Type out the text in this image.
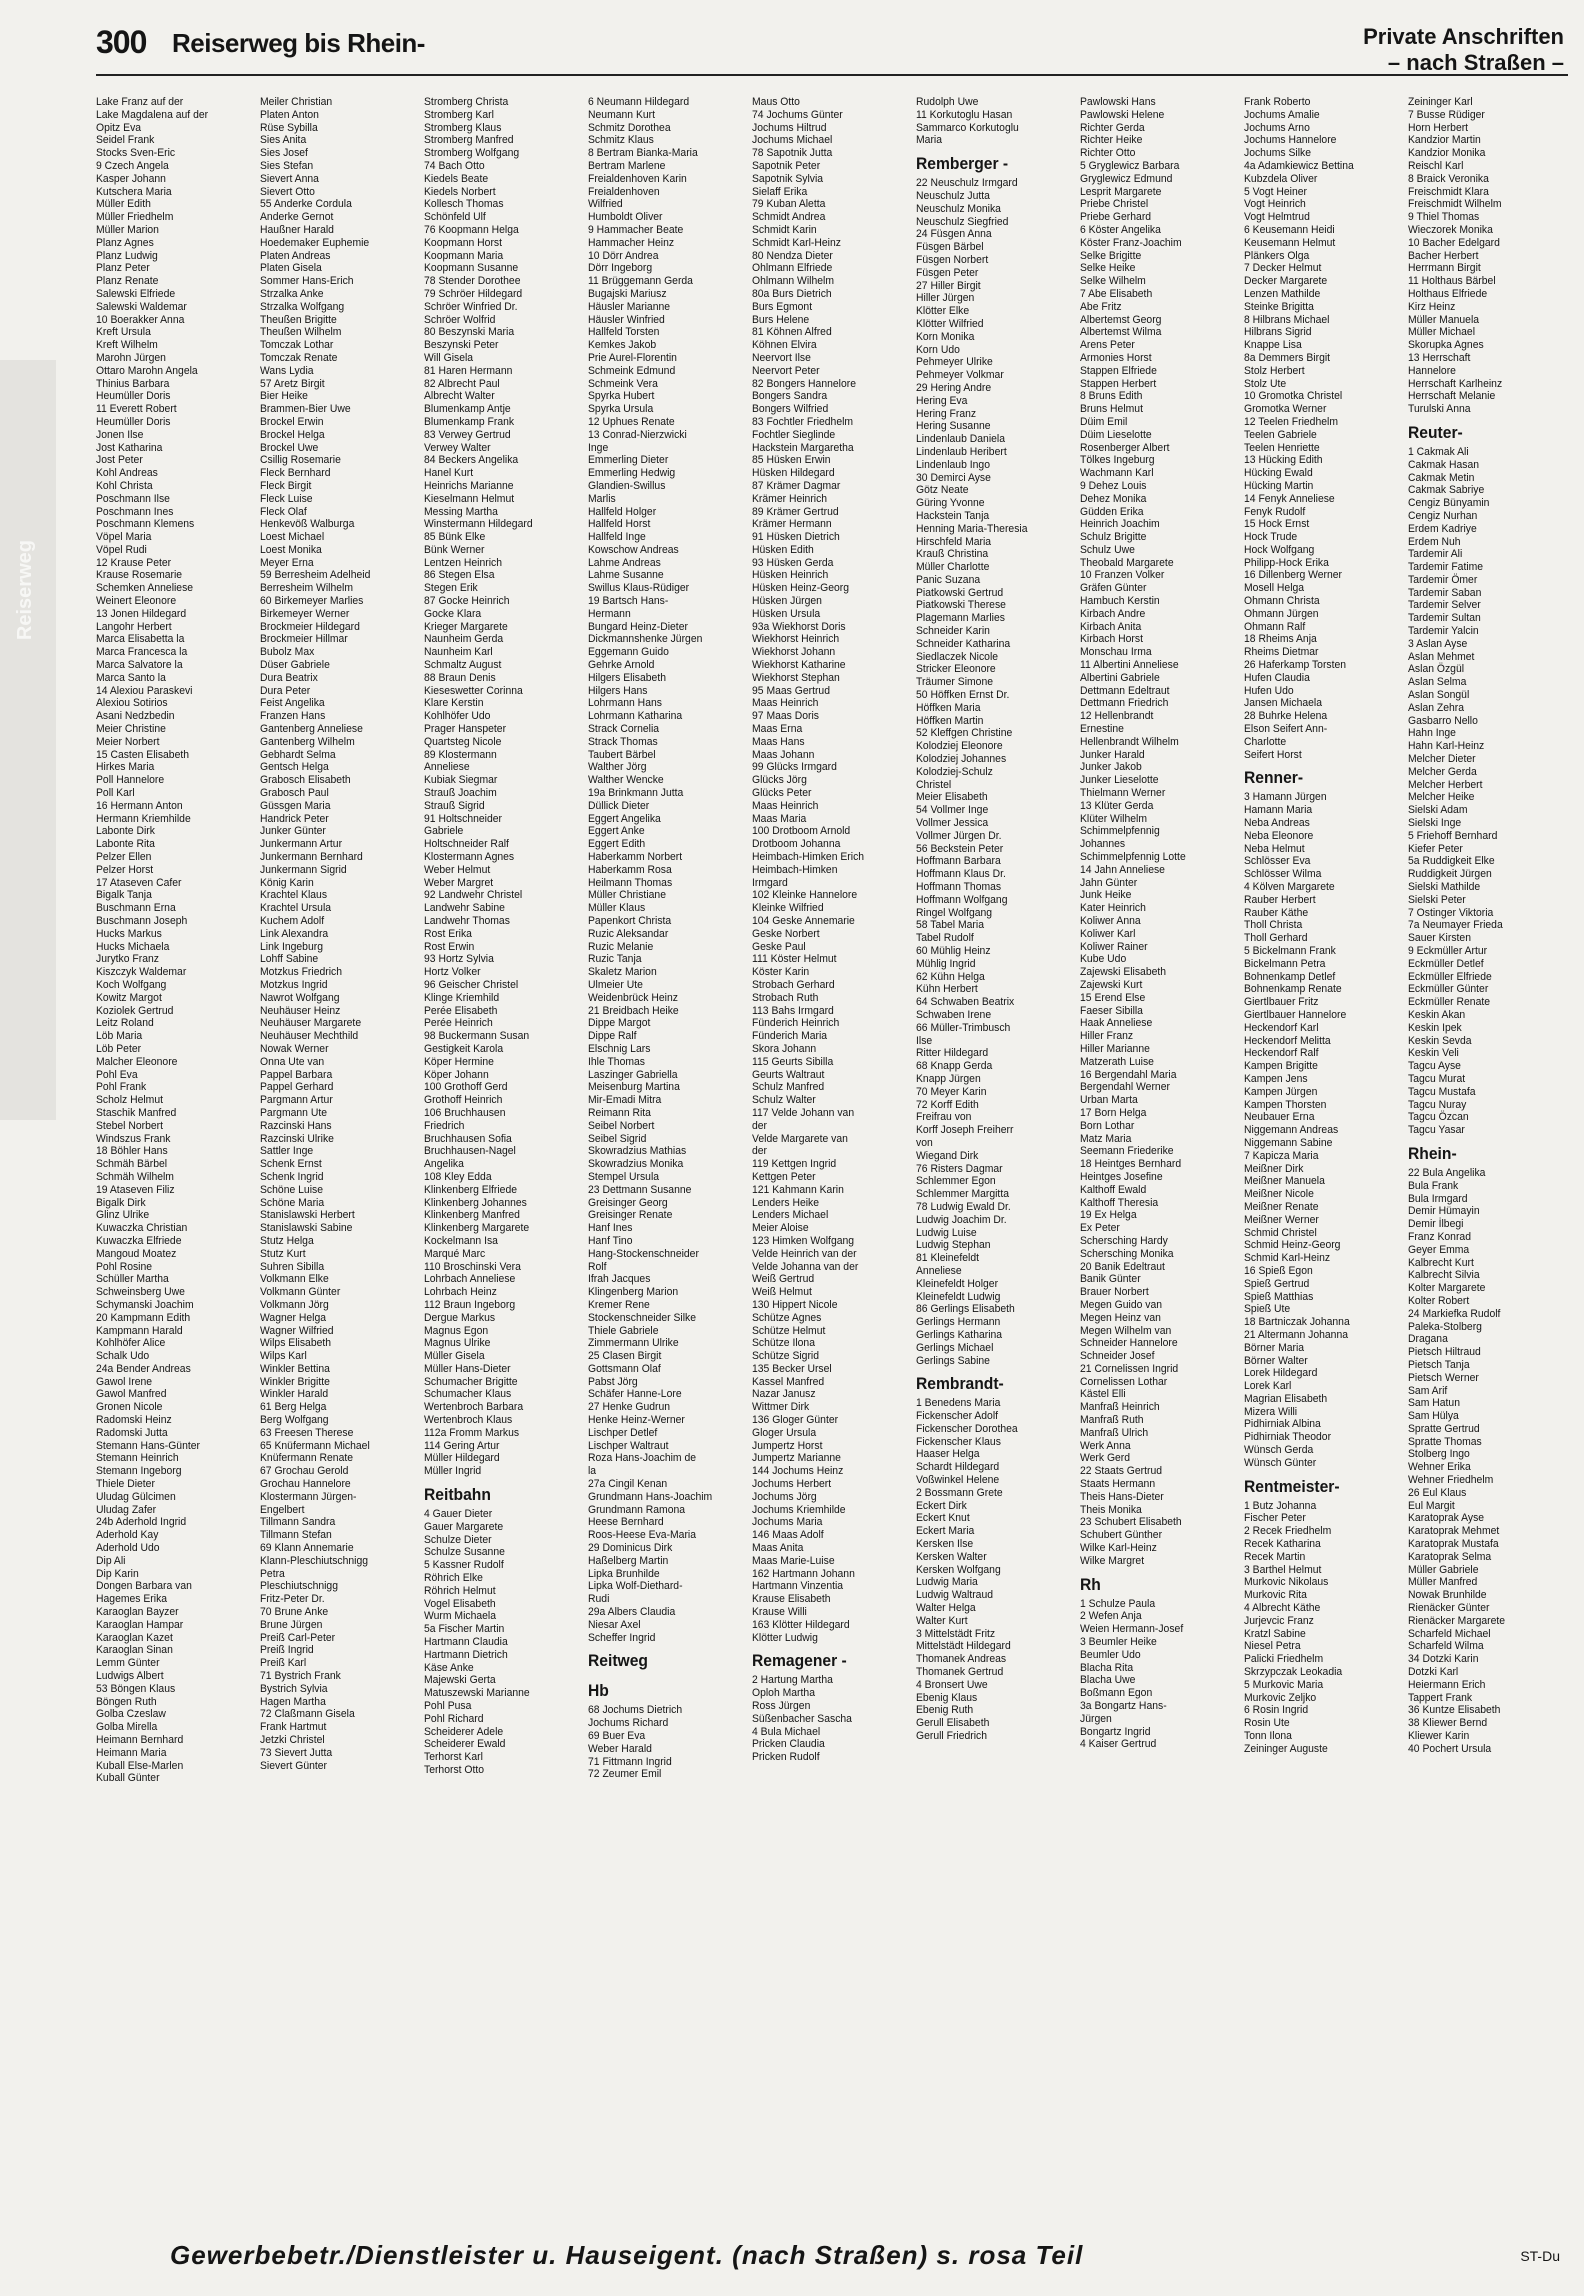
Reiserweg
300 Reiserweg bis Rhein-	Private Anschriften
– nach Straßen –
Lake Franz auf der
Lake Magdalena auf der
Opitz Eva
Seidel Frank
Stocks Sven-Eric
9 Czech Angela
Kasper Johann
Kutschera Maria
Müller Edith
Müller Friedhelm
Müller Marion
Planz Agnes
Planz Ludwig
Planz Peter
Planz Renate
Salewski Elfriede
Salewski Waldemar
10 Boerakker Anna
Kreft Ursula
Kreft Wilhelm
Marohn Jürgen
Ottaro Marohn Angela
Thinius Barbara
Heumüller Doris
11 Everett Robert
Heumüller Doris
Jonen Ilse
Jost Katharina
Jost Peter
Kohl Andreas
Kohl Christa
Poschmann Ilse
Poschmann Ines
Poschmann Klemens
Vöpel Maria
Vöpel Rudi
12 Krause Peter
Krause Rosemarie
Schemken Anneliese
Weinert Eleonore
13 Jonen Hildegard
Langohr Herbert
Marca Elisabetta la
Marca Francesca la
Marca Salvatore la
Marca Santo la
14 Alexiou Paraskevi
Alexiou Sotirios
Asani Nedzbedin
Meier Christine
Meier Norbert
15 Casten Elisabeth
Hirkes Maria
Poll Hannelore
Poll Karl
16 Hermann Anton
Hermann Kriemhilde
Labonte Dirk
Labonte Rita
Pelzer Ellen
Pelzer Horst
17 Ataseven Cafer
Bigalk Tanja
Buschmann Erna
Buschmann Joseph
Hucks Markus
Hucks Michaela
Jurytko Franz
Kiszczyk Waldemar
Koch Wolfgang
Kowitz Margot
Koziolek Gertrud
Leitz Roland
Löb Maria
Löb Peter
Malcher Eleonore
Pohl Eva
Pohl Frank
Scholz Helmut
Staschik Manfred
Stebel Norbert
Windszus Frank
18 Böhler Hans
Schmäh Bärbel
Schmäh Wilhelm
19 Ataseven Filiz
Bigalk Dirk
Glinz Ulrike
Kuwaczka Christian
Kuwaczka Elfriede
Mangoud Moatez
Pohl Rosine
Schüller Martha
Schweinsberg Uwe
Schymanski Joachim
20 Kampmann Edith
Kampmann Harald
Kohlhöfer Alice
Schalk Udo
24a Bender Andreas
Gawol Irene
Gawol Manfred
Gronen Nicole
Radomski Heinz
Radomski Jutta
Stemann Hans-Günter
Stemann Heinrich
Stemann Ingeborg
Thiele Dieter
Uludag Gülcimen
Uludag Zafer
24b Aderhold Ingrid
Aderhold Kay
Aderhold Udo
Dip Ali
Dip Karin
Dongen Barbara van
Hagemes Erika
Karaoglan Bayzer
Karaoglan Hampar
Karaoglan Kazet
Karaoglan Sinan
Lemm Günter
Ludwigs Albert
53 Böngen Klaus
Böngen Ruth
Golba Czeslaw
Golba Mirella
Heimann Bernhard
Heimann Maria
Kuball Else-Marlen
Kuball Günter
Meiler Christian
Platen Anton
Rüse Sybilla
Sies Anita
Sies Josef
Sies Stefan
Sievert Anna
Sievert Otto
55 Anderke Cordula
Anderke Gernot
Haußner Harald
Hoedemaker Euphemie
Platen Andreas
Platen Gisela
Sommer Hans-Erich
Strzalka Anke
Strzalka Wolfgang
Theußen Brigitte
Theußen Wilhelm
Tomczak Lothar
Tomczak Renate
Wans Lydia
57 Aretz Birgit
Bier Heike
Brammen-Bier Uwe
Brockel Erwin
Brockel Helga
Brockel Uwe
Csillig Rosemarie
Fleck Bernhard
Fleck Birgit
Fleck Luise
Fleck Olaf
Henkevöß Walburga
Loest Michael
Loest Monika
Meyer Erna
59 Berresheim Adelheid
Berresheim Wilhelm
60 Birkemeyer Marlies
Birkemeyer Werner
Brockmeier Hildegard
Brockmeier Hillmar
Bubolz Max
Düser Gabriele
Dura Beatrix
Dura Peter
Feist Angelika
Franzen Hans
Gantenberg Anneliese
Gantenberg Wilhelm
Gebhardt Selma
Gentsch Helga
Grabosch Elisabeth
Grabosch Paul
Güssgen Maria
Handrick Peter
Junker Günter
Junkermann Artur
Junkermann Bernhard
Junkermann Sigrid
König Karin
Krachtel Klaus
Krachtel Ursula
Kuchem Adolf
Link Alexandra
Link Ingeburg
Lohff Sabine
Motzkus Friedrich
Motzkus Ingrid
Nawrot Wolfgang
Neuhäuser Heinz
Neuhäuser Margarete
Neuhäuser Mechthild
Nowak Werner
Onna Ute van
Pappel Barbara
Pappel Gerhard
Pargmann Artur
Pargmann Ute
Razcinski Hans
Razcinski Ulrike
Sattler Inge
Schenk Ernst
Schenk Ingrid
Schöne Luise
Schöne Maria
Stanislawski Herbert
Stanislawski Sabine
Stutz Helga
Stutz Kurt
Suhren Sibilla
Volkmann Elke
Volkmann Günter
Volkmann Jörg
Wagner Helga
Wagner Wilfried
Wilps Elisabeth
Wilps Karl
Winkler Bettina
Winkler Brigitte
Winkler Harald
61 Berg Helga
Berg Wolfgang
63 Freesen Therese
65 Knüfermann Michael
Knüfermann Renate
67 Grochau Gerold
Grochau Hannelore
Klostermann Jürgen-
Engelbert
Tillmann Sandra
Tillmann Stefan
69 Klann Annemarie
Klann-Pleschiutschnigg
Petra
Pleschiutschnigg
Fritz-Peter Dr.
70 Brune Anke
Brune Jürgen
Preiß Carl-Peter
Preiß Ingrid
Preiß Karl
71 Bystrich Frank
Bystrich Sylvia
Hagen Martha
72 Claßmann Gisela
Frank Hartmut
Jetzki Christel
73 Sievert Jutta
Sievert Günter
Stromberg Christa
Stromberg Karl
Stromberg Klaus
Stromberg Manfred
Stromberg Wolfgang
74 Bach Otto
Kiedels Beate
Kiedels Norbert
Kollesch Thomas
Schönfeld Ulf
76 Koopmann Helga
Koopmann Horst
Koopmann Maria
Koopmann Susanne
78 Stender Dorothee
79 Schröer Hildegard
Schröer Winfried Dr.
Schröer Wolfrid
80 Beszynski Maria
Beszynski Peter
Will Gisela
81 Haren Hermann
82 Albrecht Paul
Albrecht Walter
Blumenkamp Antje
Blumenkamp Frank
83 Verwey Gertrud
Verwey Walter
84 Beckers Angelika
Hanel Kurt
Heinrichs Marianne
Kieselmann Helmut
Messing Martha
Winstermann Hildegard
85 Bünk Elke
Bünk Werner
Lentzen Heinrich
86 Stegen Elsa
Stegen Erik
87 Gocke Heinrich
Gocke Klara
Krieger Margarete
Naunheim Gerda
Naunheim Karl
Schmaltz August
88 Braun Denis
Kieseswetter Corinna
Klare Kerstin
Kohlhöfer Udo
Prager Hanspeter
Quartsteg Nicole
89 Klostermann
Anneliese
Kubiak Siegmar
Strauß Joachim
Strauß Sigrid
91 Holtschneider
Gabriele
Holtschneider Ralf
Klostermann Agnes
Weber Helmut
Weber Margret
92 Landwehr Christel
Landwehr Sabine
Landwehr Thomas
Rost Erika
Rost Erwin
93 Hortz Sylvia
Hortz Volker
96 Geischer Christel
Klinge Kriemhild
Perée Elisabeth
Perée Heinrich
98 Buckermann Susan
Gestigkeit Karola
Köper Hermine
Köper Johann
100 Grothoff Gerd
Grothoff Heinrich
106 Bruchhausen
Friedrich
Bruchhausen Sofia
Bruchhausen-Nagel
Angelika
108 Kley Edda
Klinkenberg Elfriede
Klinkenberg Johannes
Klinkenberg Manfred
Klinkenberg Margarete
Kockelmann Isa
Marqué Marc
110 Broschinski Vera
Lohrbach Anneliese
Lohrbach Heinz
112 Braun Ingeborg
Dergue Markus
Magnus Egon
Magnus Ulrike
Müller Gisela
Müller Hans-Dieter
Schumacher Brigitte
Schumacher Klaus
Wertenbroch Barbara
Wertenbroch Klaus
112a Fromm Markus
114 Gering Artur
Müller Hildegard
Müller Ingrid
Reitbahn
4 Gauer Dieter
Gauer Margarete
Schulze Dieter
Schulze Susanne
5 Kassner Rudolf
Röhrich Elke
Röhrich Helmut
Vogel Elisabeth
Wurm Michaela
5a Fischer Martin
Hartmann Claudia
Hartmann Dietrich
Käse Anke
Majewski Gerta
Matuszewski Marianne
Pohl Pusa
Pohl Richard
Scheiderer Adele
Scheiderer Ewald
Terhorst Karl
Terhorst Otto
6 Neumann Hildegard
Neumann Kurt
Schmitz Dorothea
Schmitz Klaus
8 Bertram Bianka-Maria
Bertram Marlene
Freialdenhoven Karin
Freialdenhoven
Wilfried
Humboldt Oliver
9 Hammacher Beate
Hammacher Heinz
10 Dörr Andrea
Dörr Ingeborg
11 Brüggemann Gerda
Bugajski Mariusz
Häusler Marianne
Häusler Winfried
Hallfeld Torsten
Kemkes Jakob
Prie Aurel-Florentin
Schmeink Edmund
Schmeink Vera
Spyrka Hubert
Spyrka Ursula
12 Uphues Renate
13 Conrad-Nierzwicki
Inge
Emmerling Dieter
Emmerling Hedwig
Glandien-Swillus
Marlis
Hallfeld Holger
Hallfeld Horst
Hallfeld Inge
Kowschow Andreas
Lahme Andreas
Lahme Susanne
Swillus Klaus-Rüdiger
19 Bartsch Hans-
Hermann
Bungard Heinz-Dieter
Dickmannshenke Jürgen
Eggemann Guido
Gehrke Arnold
Hilgers Elisabeth
Hilgers Hans
Lohrmann Hans
Lohrmann Katharina
Strack Cornelia
Strack Thomas
Taubert Bärbel
Walther Jörg
Walther Wencke
19a Brinkmann Jutta
Düllick Dieter
Eggert Angelika
Eggert Anke
Eggert Edith
Haberkamm Norbert
Haberkamm Rosa
Heilmann Thomas
Müller Christiane
Müller Klaus
Papenkort Christa
Ruzic Aleksandar
Ruzic Melanie
Ruzic Tanja
Skaletz Marion
Ulmeier Ute
Weidenbrück Heinz
21 Breidbach Heike
Dippe Margot
Dippe Ralf
Elschnig Lars
Ihle Thomas
Laszinger Gabriella
Meisenburg Martina
Mir-Emadi Mitra
Reimann Rita
Seibel Norbert
Seibel Sigrid
Skowradzius Mathias
Skowradzius Monika
Stempel Ursula
23 Dettmann Susanne
Greisinger Georg
Greisinger Renate
Hanf Ines
Hanf Tino
Hang-Stockenschneider
Rolf
Ifrah Jacques
Klingenberg Marion
Kremer Rene
Stockenschneider Silke
Thiele Gabriele
Zimmermann Ulrike
25 Clasen Birgit
Gottsmann Olaf
Pabst Jörg
Schäfer Hanne-Lore
27 Henke Gudrun
Henke Heinz-Werner
Lischper Detlef
Lischper Waltraut
Roza Hans-Joachim de
la
27a Cingil Kenan
Grundmann Hans-Joachim
Grundmann Ramona
Heese Bernhard
Roos-Heese Eva-Maria
29 Dominicus Dirk
Haßelberg Martin
Lipka Brunhilde
Lipka Wolf-Diethard-
Rudi
29a Albers Claudia
Niesar Axel
Scheffer Ingrid
Reitweg
Hb
68 Jochums Dietrich
Jochums Richard
69 Buer Eva
Weber Harald
71 Fittmann Ingrid
72 Zeumer Emil
Maus Otto
74 Jochums Günter
Jochums Hiltrud
Jochums Michael
78 Sapotnik Jutta
Sapotnik Peter
Sapotnik Sylvia
Sielaff Erika
79 Kuban Aletta
Schmidt Andrea
Schmidt Karin
Schmidt Karl-Heinz
80 Nendza Dieter
Ohlmann Elfriede
Ohlmann Wilhelm
80a Burs Dietrich
Burs Egmont
Burs Helene
81 Köhnen Alfred
Köhnen Elvira
Neervort Ilse
Neervort Peter
82 Bongers Hannelore
Bongers Sandra
Bongers Wilfried
83 Fochtler Friedhelm
Fochtler Sieglinde
Hackstein Margaretha
85 Hüsken Erwin
Hüsken Hildegard
87 Krämer Dagmar
Krämer Heinrich
89 Krämer Gertrud
Krämer Hermann
91 Hüsken Dietrich
Hüsken Edith
93 Hüsken Gerda
Hüsken Heinrich
Hüsken Heinz-Georg
Hüsken Jürgen
Hüsken Ursula
93a Wiekhorst Doris
Wiekhorst Heinrich
Wiekhorst Johann
Wiekhorst Katharine
Wiekhorst Stephan
95 Maas Gertrud
Maas Heinrich
97 Maas Doris
Maas Erna
Maas Hans
Maas Johann
99 Glücks Irmgard
Glücks Jörg
Glücks Peter
Maas Heinrich
Maas Maria
100 Drotboom Arnold
Drotboom Johanna
Heimbach-Himken Erich
Heimbach-Himken
Irmgard
102 Kleinke Hannelore
Kleinke Wilfried
104 Geske Annemarie
Geske Norbert
Geske Paul
111 Köster Helmut
Köster Karin
Strobach Gerhard
Strobach Ruth
113 Bahs Irmgard
Fünderich Heinrich
Fünderich Maria
Skora Johann
115 Geurts Sibilla
Geurts Waltraut
Schulz Manfred
Schulz Walter
117 Velde Johann van
der
Velde Margarete van
der
119 Kettgen Ingrid
Kettgen Peter
121 Kahmann Karin
Lenders Heike
Lenders Michael
Meier Aloise
123 Himken Wolfgang
Velde Heinrich van der
Velde Johanna van der
Weiß Gertrud
Weiß Helmut
130 Hippert Nicole
Schütze Agnes
Schütze Helmut
Schütze Ilona
Schütze Sigrid
135 Becker Ursel
Kassel Manfred
Nazar Janusz
Wittmer Dirk
136 Gloger Günter
Gloger Ursula
Jumpertz Horst
Jumpertz Marianne
144 Jochums Heinz
Jochums Herbert
Jochums Jörg
Jochums Kriemhilde
Jochums Maria
146 Maas Adolf
Maas Anita
Maas Marie-Luise
162 Hartmann Johann
Hartmann Vinzentia
Krause Elisabeth
Krause Willi
163 Klötter Hildegard
Klötter Ludwig
Remagener -
2 Hartung Martha
Oploh Martha
Ross Jürgen
Süßenbacher Sascha
4 Bula Michael
Pricken Claudia
Pricken Rudolf
Rudolph Uwe
11 Korkutoglu Hasan
Sammarco Korkutoglu
Maria
Remberger -
22 Neuschulz Irmgard
Neuschulz Jutta
Neuschulz Monika
Neuschulz Siegfried
24 Füsgen Anna
Füsgen Bärbel
Füsgen Norbert
Füsgen Peter
27 Hiller Birgit
Hiller Jürgen
Klötter Elke
Klötter Wilfried
Korn Monika
Korn Udo
Pehmeyer Ulrike
Pehmeyer Volkmar
29 Hering Andre
Hering Eva
Hering Franz
Hering Susanne
Lindenlaub Daniela
Lindenlaub Heribert
Lindenlaub Ingo
30 Demirci Ayse
Götz Neate
Güring Yvonne
Hackstein Tanja
Henning Maria-Theresia
Hirschfeld Maria
Krauß Christina
Müller Charlotte
Panic Suzana
Piatkowski Gertrud
Piatkowski Therese
Plagemann Marlies
Schneider Karin
Schneider Katharina
Siedlaczek Nicole
Stricker Eleonore
Träumer Simone
50 Höffken Ernst Dr.
Höffken Maria
Höffken Martin
52 Kleffgen Christine
Kolodziej Eleonore
Kolodziej Johannes
Kolodziej-Schulz
Christel
Meier Elisabeth
54 Vollmer Inge
Vollmer Jessica
Vollmer Jürgen Dr.
56 Beckstein Peter
Hoffmann Barbara
Hoffmann Klaus Dr.
Hoffmann Thomas
Hoffmann Wolfgang
Ringel Wolfgang
58 Tabel Maria
Tabel Rudolf
60 Mühlig Heinz
Mühlig Ingrid
62 Kühn Helga
Kühn Herbert
64 Schwaben Beatrix
Schwaben Irene
66 Müller-Trimbusch
Ilse
Ritter Hildegard
68 Knapp Gerda
Knapp Jürgen
70 Meyer Karin
72 Korff Edith
Freifrau von
Korff Joseph Freiherr
von
Wiegand Dirk
76 Risters Dagmar
Schlemmer Egon
Schlemmer Margitta
78 Ludwig Ewald Dr.
Ludwig Joachim Dr.
Ludwig Luise
Ludwig Stephan
81 Kleinefeldt
Anneliese
Kleinefeldt Holger
Kleinefeldt Ludwig
86 Gerlings Elisabeth
Gerlings Hermann
Gerlings Katharina
Gerlings Michael
Gerlings Sabine
Rembrandt-
1 Benedens Maria
Fickenscher Adolf
Fickenscher Dorothea
Fickenscher Klaus
Haaser Helga
Schardt Hildegard
Voßwinkel Helene
2 Bossmann Grete
Eckert Dirk
Eckert Knut
Eckert Maria
Kersken Ilse
Kersken Walter
Kersken Wolfgang
Ludwig Maria
Ludwig Waltraud
Walter Helga
Walter Kurt
3 Mittelstädt Fritz
Mittelstädt Hildegard
Thomanek Andreas
Thomanek Gertrud
4 Bronsert Uwe
Ebenig Klaus
Ebenig Ruth
Gerull Elisabeth
Gerull Friedrich
Pawlowski Hans
Pawlowski Helene
Richter Gerda
Richter Heike
Richter Otto
5 Gryglewicz Barbara
Gryglewicz Edmund
Lesprit Margarete
Priebe Christel
Priebe Gerhard
6 Köster Angelika
Köster Franz-Joachim
Selke Brigitte
Selke Heike
Selke Wilhelm
7 Abe Elisabeth
Abe Fritz
Albertemst Georg
Albertemst Wilma
Arens Peter
Armonies Horst
Stappen Elfriede
Stappen Herbert
8 Bruns Edith
Bruns Helmut
Düim Emil
Düim Lieselotte
Rosenberger Albert
Tölkes Ingeburg
Wachmann Karl
9 Dehez Louis
Dehez Monika
Güdden Erika
Heinrich Joachim
Schulz Brigitte
Schulz Uwe
Theobald Margarete
10 Franzen Volker
Gräfen Günter
Hambuch Kerstin
Kirbach Andre
Kirbach Anita
Kirbach Horst
Monschau Irma
11 Albertini Anneliese
Albertini Gabriele
Dettmann Edeltraut
Dettmann Friedrich
12 Hellenbrandt
Ernestine
Hellenbrandt Wilhelm
Junker Harald
Junker Jakob
Junker Lieselotte
Thielmann Werner
13 Klüter Gerda
Klüter Wilhelm
Schimmelpfennig
Johannes
Schimmelpfennig Lotte
14 Jahn Anneliese
Jahn Günter
Junk Heike
Kater Heinrich
Koliwer Anna
Koliwer Karl
Koliwer Rainer
Kube Udo
Zajewski Elisabeth
Zajewski Kurt
15 Erend Else
Faeser Sibilla
Haak Anneliese
Hiller Franz
Hiller Marianne
Matzerath Luise
16 Bergendahl Maria
Bergendahl Werner
Urban Marta
17 Born Helga
Born Lothar
Matz Maria
Seemann Friederike
18 Heintges Bernhard
Heintges Josefine
Kalthoff Ewald
Kalthoff Theresia
19 Ex Helga
Ex Peter
Schersching Hardy
Schersching Monika
20 Banik Edeltraut
Banik Günter
Brauer Norbert
Megen Guido van
Megen Heinz van
Megen Wilhelm van
Schneider Hannelore
Schneider Josef
21 Cornelissen Ingrid
Cornelissen Lothar
Kästel Elli
Manfraß Heinrich
Manfraß Ruth
Manfraß Ulrich
Werk Anna
Werk Gerd
22 Staats Gertrud
Staats Hermann
Theis Hans-Dieter
Theis Monika
23 Schubert Elisabeth
Schubert Günther
Wilke Karl-Heinz
Wilke Margret
Rh
1 Schulze Paula
2 Wefen Anja
Weien Hermann-Josef
3 Beumler Heike
Beumler Udo
Blacha Rita
Blacha Uwe
Boßmann Egon
3a Bongartz Hans-
Jürgen
Bongartz Ingrid
4 Kaiser Gertrud
Frank Roberto
Jochums Amalie
Jochums Arno
Jochums Hannelore
Jochums Silke
4a Adamkiewicz Bettina
Kubzdela Oliver
5 Vogt Heiner
Vogt Heinrich
Vogt Helmtrud
6 Keusemann Heidi
Keusemann Helmut
Plänkers Olga
7 Decker Helmut
Decker Margarete
Lenzen Mathilde
Steinke Brigitta
8 Hilbrans Michael
Hilbrans Sigrid
Knappe Lisa
8a Demmers Birgit
Stolz Herbert
Stolz Ute
10 Gromotka Christel
Gromotka Werner
12 Teelen Friedhelm
Teelen Gabriele
Teelen Henriette
13 Hücking Edith
Hücking Ewald
Hücking Martin
14 Fenyk Anneliese
Fenyk Rudolf
15 Hock Ernst
Hock Trude
Hock Wolfgang
Philipp-Hock Erika
16 Dillenberg Werner
Mosell Helga
Ohmann Christa
Ohmann Jürgen
Ohmann Ralf
18 Rheims Anja
Rheims Dietmar
26 Haferkamp Torsten
Hufen Claudia
Hufen Udo
Jansen Michaela
28 Buhrke Helena
Elson Seifert Ann-
Charlotte
Seifert Horst
Renner-
3 Hamann Jürgen
Hamann Maria
Neba Andreas
Neba Eleonore
Neba Helmut
Schlösser Eva
Schlösser Wilma
4 Kölven Margarete
Rauber Herbert
Rauber Käthe
Tholl Christa
Tholl Gerhard
5 Bickelmann Frank
Bickelmann Petra
Bohnenkamp Detlef
Bohnenkamp Renate
Giertlbauer Fritz
Giertlbauer Hannelore
Heckendorf Karl
Heckendorf Melitta
Heckendorf Ralf
Kampen Brigitte
Kampen Jens
Kampen Jürgen
Kampen Thorsten
Neubauer Erna
Niggemann Andreas
Niggemann Sabine
7 Kapicza Maria
Meißner Dirk
Meißner Manuela
Meißner Nicole
Meißner Renate
Meißner Werner
Schmid Christel
Schmid Heinz-Georg
Schmid Karl-Heinz
16 Spieß Egon
Spieß Gertrud
Spieß Matthias
Spieß Ute
18 Bartniczak Johanna
21 Altermann Johanna
Börner Maria
Börner Walter
Lorek Hildegard
Lorek Karl
Magrian Elisabeth
Mizera Willi
Pidhirniak Albina
Pidhirniak Theodor
Wünsch Gerda
Wünsch Günter
Rentmeister-
1 Butz Johanna
Fischer Peter
2 Recek Friedhelm
Recek Katharina
Recek Martin
3 Barthel Helmut
Murkovic Nikolaus
Murkovic Rita
4 Albrecht Käthe
Jurjevcic Franz
Kratzl Sabine
Niesel Petra
Palicki Friedhelm
Skrzypczak Leokadia
5 Murkovic Maria
Murkovic Zeljko
6 Rosin Ingrid
Rosin Ute
Tonn Ilona
Zeininger Auguste
Zeininger Karl
7 Busse Rüdiger
Horn Herbert
Kandzior Martin
Kandzior Monika
Reischl Karl
8 Braick Veronika
Freischmidt Klara
Freischmidt Wilhelm
9 Thiel Thomas
Wieczorek Monika
10 Bacher Edelgard
Bacher Herbert
Herrmann Birgit
11 Holthaus Bärbel
Holthaus Elfriede
Kirz Heinz
Müller Manuela
Müller Michael
Skorupka Agnes
13 Herrschaft
Hannelore
Herrschaft Karlheinz
Herrschaft Melanie
Turulski Anna
Reuter-
1 Cakmak Ali
Cakmak Hasan
Cakmak Metin
Cakmak Sabriye
Cengiz Bünyamin
Cengiz Nurhan
Erdem Kadriye
Erdem Nuh
Tardemir Ali
Tardemir Fatime
Tardemir Ömer
Tardemir Saban
Tardemir Selver
Tardemir Sultan
Tardemir Yalcin
3 Aslan Ayse
Aslan Mehmet
Aslan Özgül
Aslan Selma
Aslan Songül
Aslan Zehra
Gasbarro Nello
Hahn Inge
Hahn Karl-Heinz
Melcher Dieter
Melcher Gerda
Melcher Herbert
Melcher Heike
Sielski Adam
Sielski Inge
5 Friehoff Bernhard
Kiefer Peter
5a Ruddigkeit Elke
Ruddigkeit Jürgen
Sielski Mathilde
Sielski Peter
7 Ostinger Viktoria
7a Neumayer Frieda
Sauer Kirsten
9 Eckmüller Artur
Eckmüller Detlef
Eckmüller Elfriede
Eckmüller Günter
Eckmüller Renate
Keskin Akan
Keskin Ipek
Keskin Sevda
Keskin Veli
Tagcu Ayse
Tagcu Murat
Tagcu Mustafa
Tagcu Nuray
Tagcu Özcan
Tagcu Yasar
Rhein-
22 Bula Angelika
Bula Frank
Bula Irmgard
Demir Hümayin
Demir İlbegi
Franz Konrad
Geyer Emma
Kalbrecht Kurt
Kalbrecht Silvia
Kolter Margarete
Kolter Robert
24 Markiefka Rudolf
Paleka-Stolberg
Dragana
Pietsch Hiltraud
Pietsch Tanja
Pietsch Werner
Sam Arif
Sam Hatun
Sam Hülya
Spratte Gertrud
Spratte Thomas
Stolberg Ingo
Wehner Erika
Wehner Friedhelm
26 Eul Klaus
Eul Margit
Karatoprak Ayse
Karatoprak Mehmet
Karatoprak Mustafa
Karatoprak Selma
Müller Gabriele
Müller Manfred
Nowak Brunhilde
Rienäcker Günter
Rienäcker Margarete
Scharfeld Michael
Scharfeld Wilma
34 Dotzki Karin
Dotzki Karl
Heiermann Erich
Tappert Frank
36 Kuntze Elisabeth
38 Kliewer Bernd
Kliewer Karin
40 Pochert Ursula
Gewerbebetr./Dienstleister u. Hauseigent. (nach Straßen) s. rosa Teil	ST-Du
